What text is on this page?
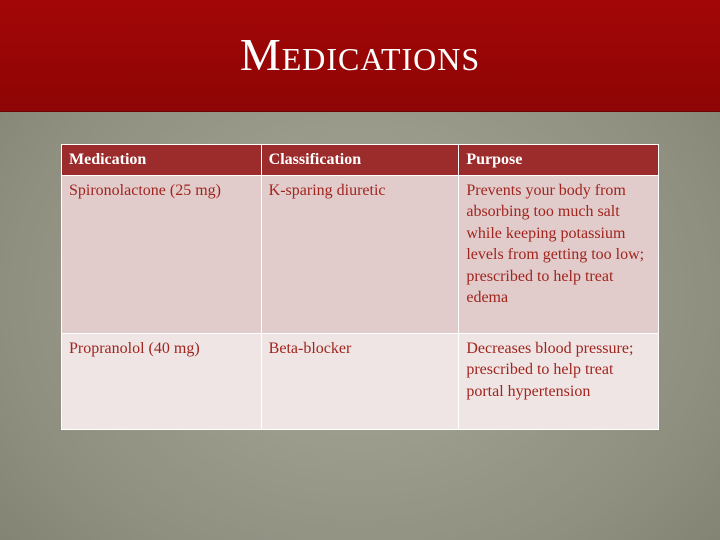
Medications
Medication	Classification	Purpose
Spironolactone (25 mg)	K-sparing diuretic	Prevents your body from absorbing too much salt while keeping potassium levels from getting too low; prescribed to help treat edema
Propranolol (40 mg)	Beta-blocker	Decreases blood pressure; prescribed to help treat portal hypertension
